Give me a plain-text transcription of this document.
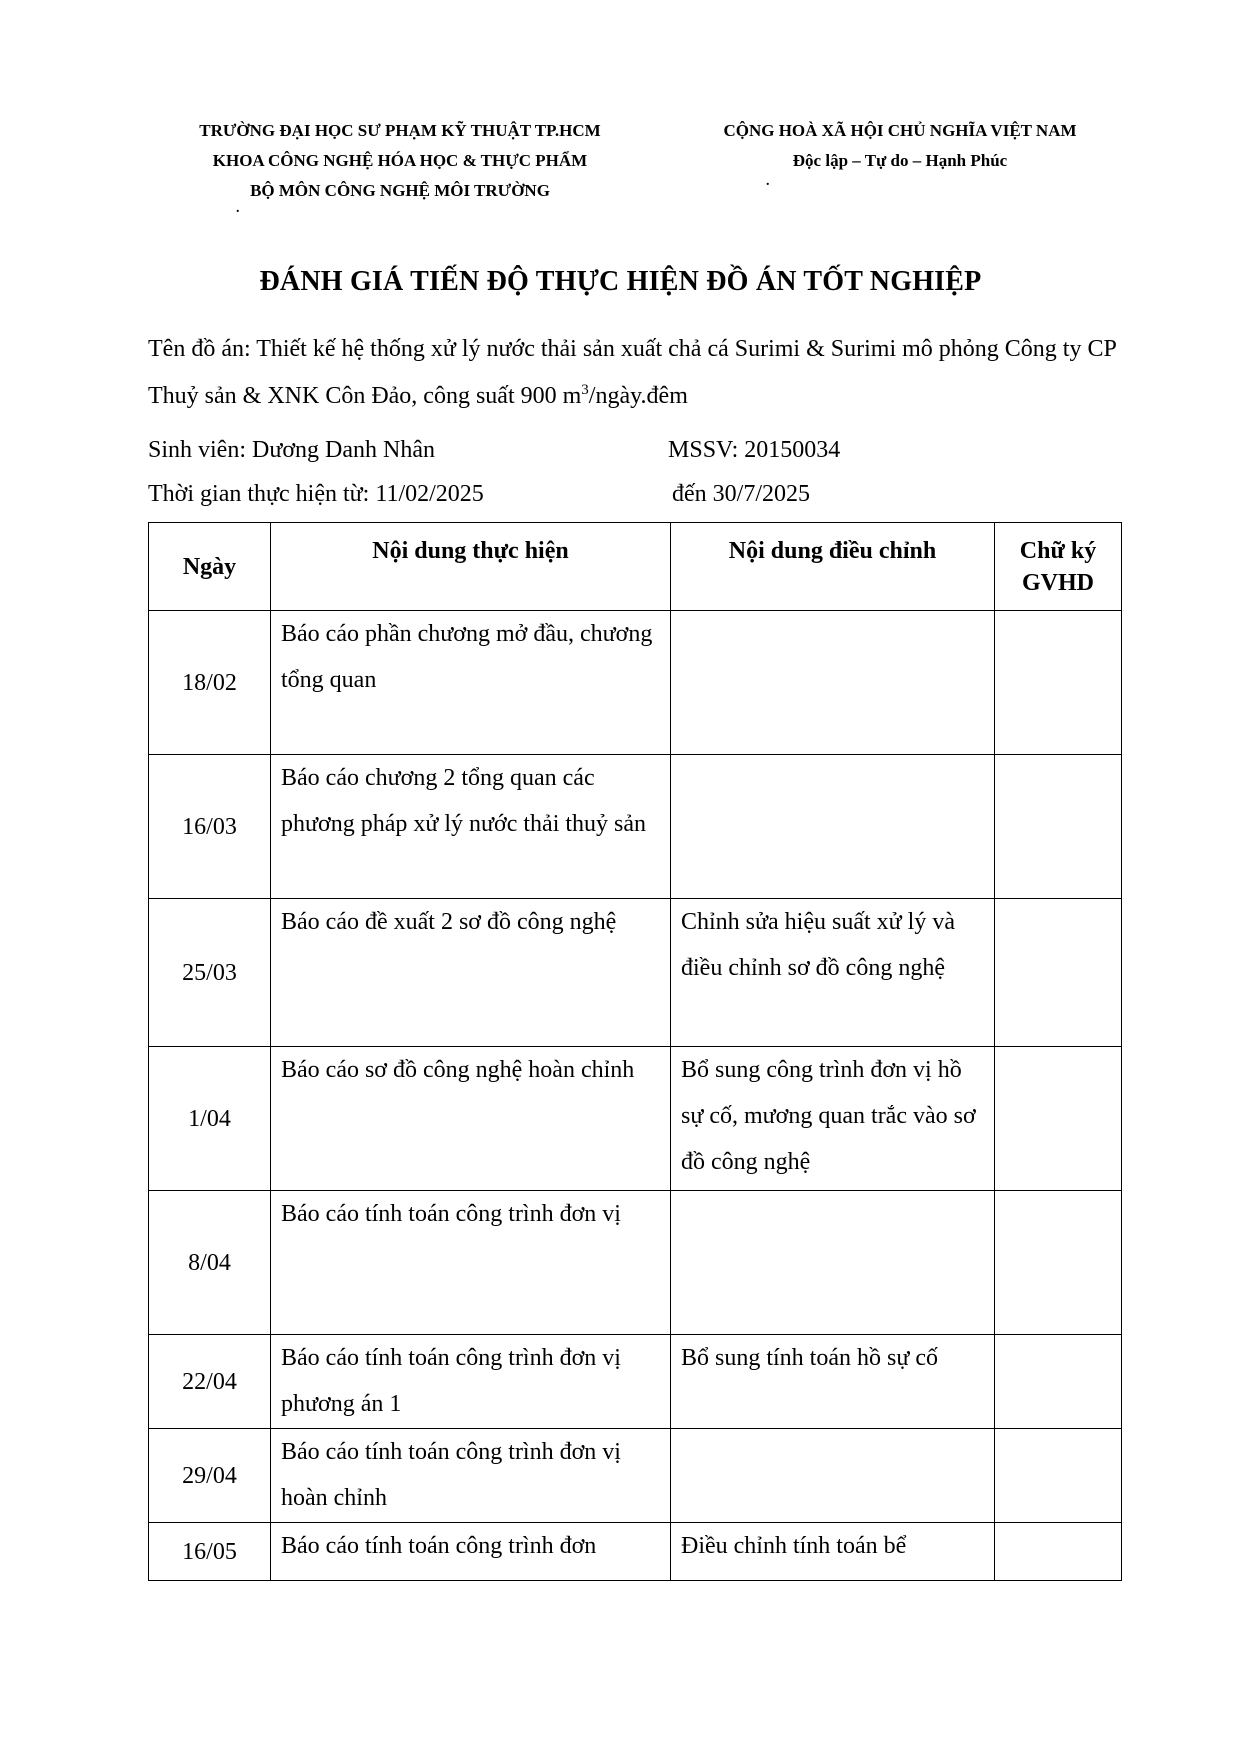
TRƯỜNG ĐẠI HỌC SƯ PHẠM KỸ THUẬT TP.HCM
KHOA CÔNG NGHỆ HÓA HỌC & THỰC PHẨM
BỘ MÔN CÔNG NGHỆ MÔI TRƯỜNG
.
CỘNG HOÀ XÃ HỘI CHỦ NGHĨA VIỆT NAM
Độc lập – Tự do – Hạnh Phúc
.
ĐÁNH GIÁ TIẾN ĐỘ THỰC HIỆN ĐỒ ÁN TỐT NGHIỆP
Tên đồ án: Thiết kế hệ thống xử lý nước thải sản xuất chả cá Surimi & Surimi mô phỏng Công ty CP Thuỷ sản & XNK Côn Đảo, công suất 900 $m^3/ngày.đêm$
Sinh viên: Dương Danh Nhân	MSSV: 20150034
Thời gian thực hiện từ: 11/02/2025	đến 30/7/2025
Ngày	Nội dung thực hiện	Nội dung điều chỉnh	Chữ ký GVHD
18/02	Báo cáo phần chương mở đầu, chương tổng quan		
16/03	Báo cáo chương 2 tổng quan các phương pháp xử lý nước thải thuỷ sản		
25/03	Báo cáo đề xuất 2 sơ đồ công nghệ	Chỉnh sửa hiệu suất xử lý và điều chỉnh sơ đồ công nghệ	
1/04	Báo cáo sơ đồ công nghệ hoàn chỉnh	Bổ sung công trình đơn vị hồ sự cố, mương quan trắc vào sơ đồ công nghệ	
8/04	Báo cáo tính toán công trình đơn vị		
22/04	Báo cáo tính toán công trình đơn vị phương án 1	Bổ sung tính toán hồ sự cố	
29/04	Báo cáo tính toán công trình đơn vị hoàn chỉnh		
16/05	Báo cáo tính toán công trình đơn	Điều chỉnh tính toán bể	
